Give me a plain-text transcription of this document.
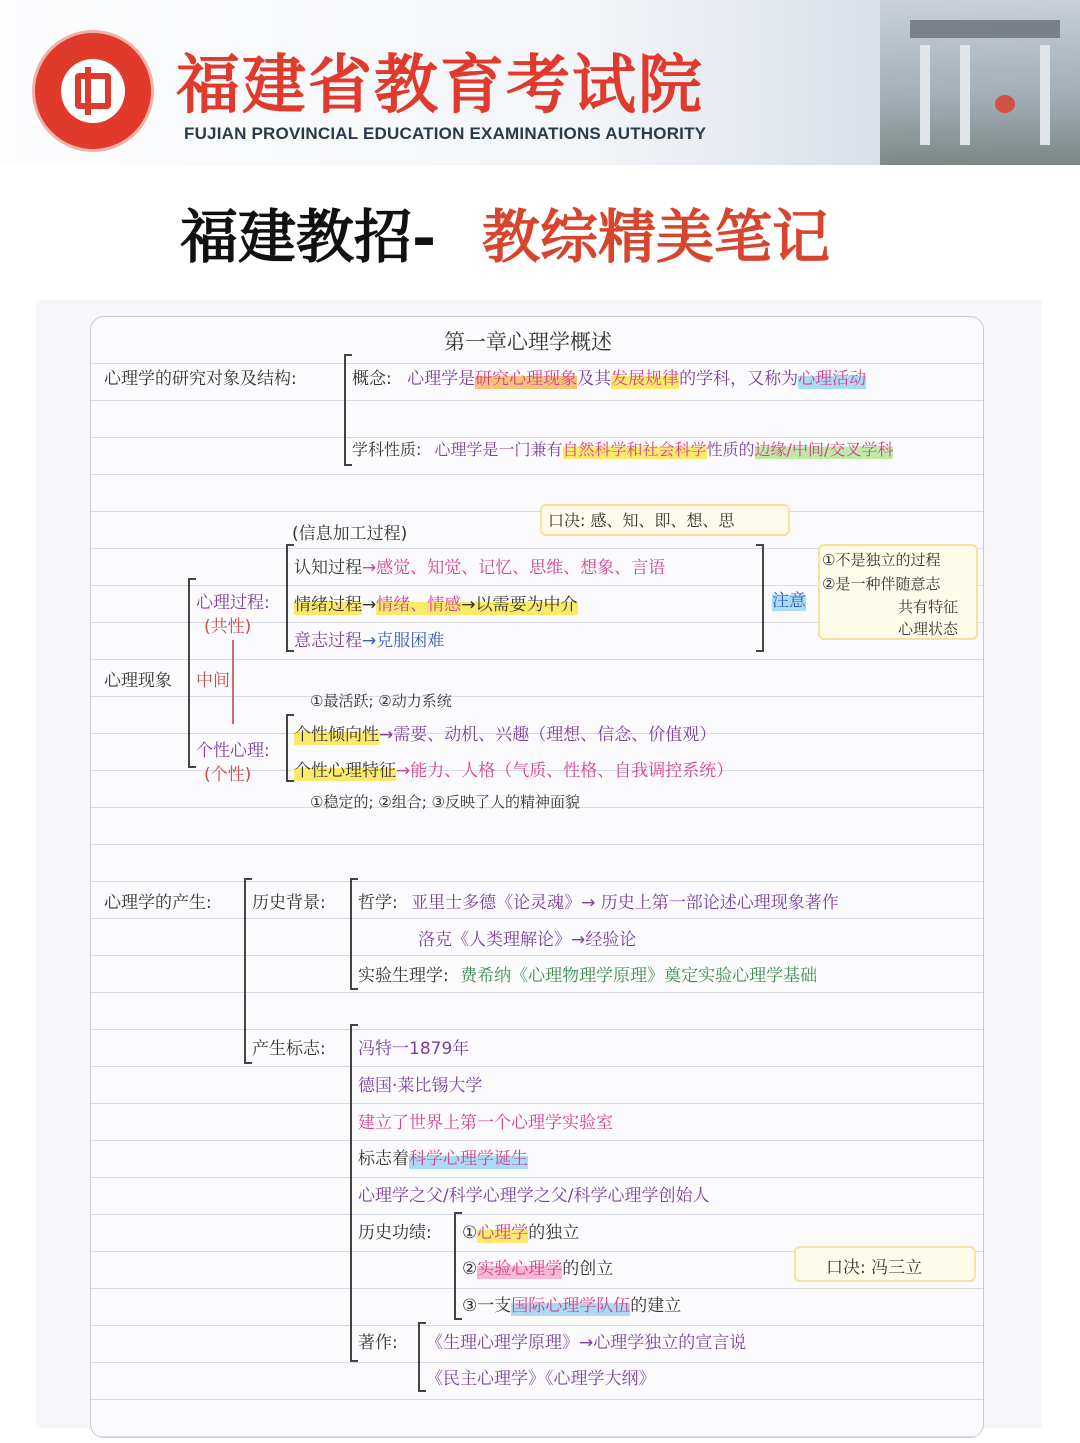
福建省教育考试院
FUJIAN PROVINCIAL EDUCATION EXAMINATIONS AUTHORITY
福建教招- 教综精美笔记
第一章心理学概述
心理学的研究对象及结构:	概念: 心理学是研究心理现象及其发展规律的学科，又称为心理活动
学科性质: 心理学是一门兼有自然科学和社会科学性质的边缘/中间/交叉学科
心理现象 中间
心理过程:
(共性)
(信息加工过程)
口决: 感、知、即、想、思
认知过程→感觉、知觉、记忆、思维、想象、言语
情绪过程→情绪、情感→以需要为中介
意志过程→克服困难
注意
①不是独立的过程
②是一种伴随意志
共有特征
心理状态
个性心理:
(个性)
①最活跃; ②动力系统
个性倾向性→需要、动机、兴趣（理想、信念、价值观）
个性心理特征→能力、人格（气质、性格、自我调控系统）
①稳定的; ②组合; ③反映了人的精神面貌
心理学的产生: 历史背景: 哲学: 亚里士多德《论灵魂》→ 历史上第一部论述心理现象著作
洛克《人类理解论》→经验论
实验生理学: 费希纳《心理物理学原理》奠定实验心理学基础
产生标志: 冯特一1879年
德国·莱比锡大学
建立了世界上第一个心理学实验室
标志着科学心理学诞生
心理学之父/科学心理学之父/科学心理学创始人
历史功绩: ①心理学的独立
②实验心理学的创立
③一支国际心理学队伍的建立
口决: 冯三立
著作: 《生理心理学原理》→心理学独立的宣言说
《民主心理学》《心理学大纲》
